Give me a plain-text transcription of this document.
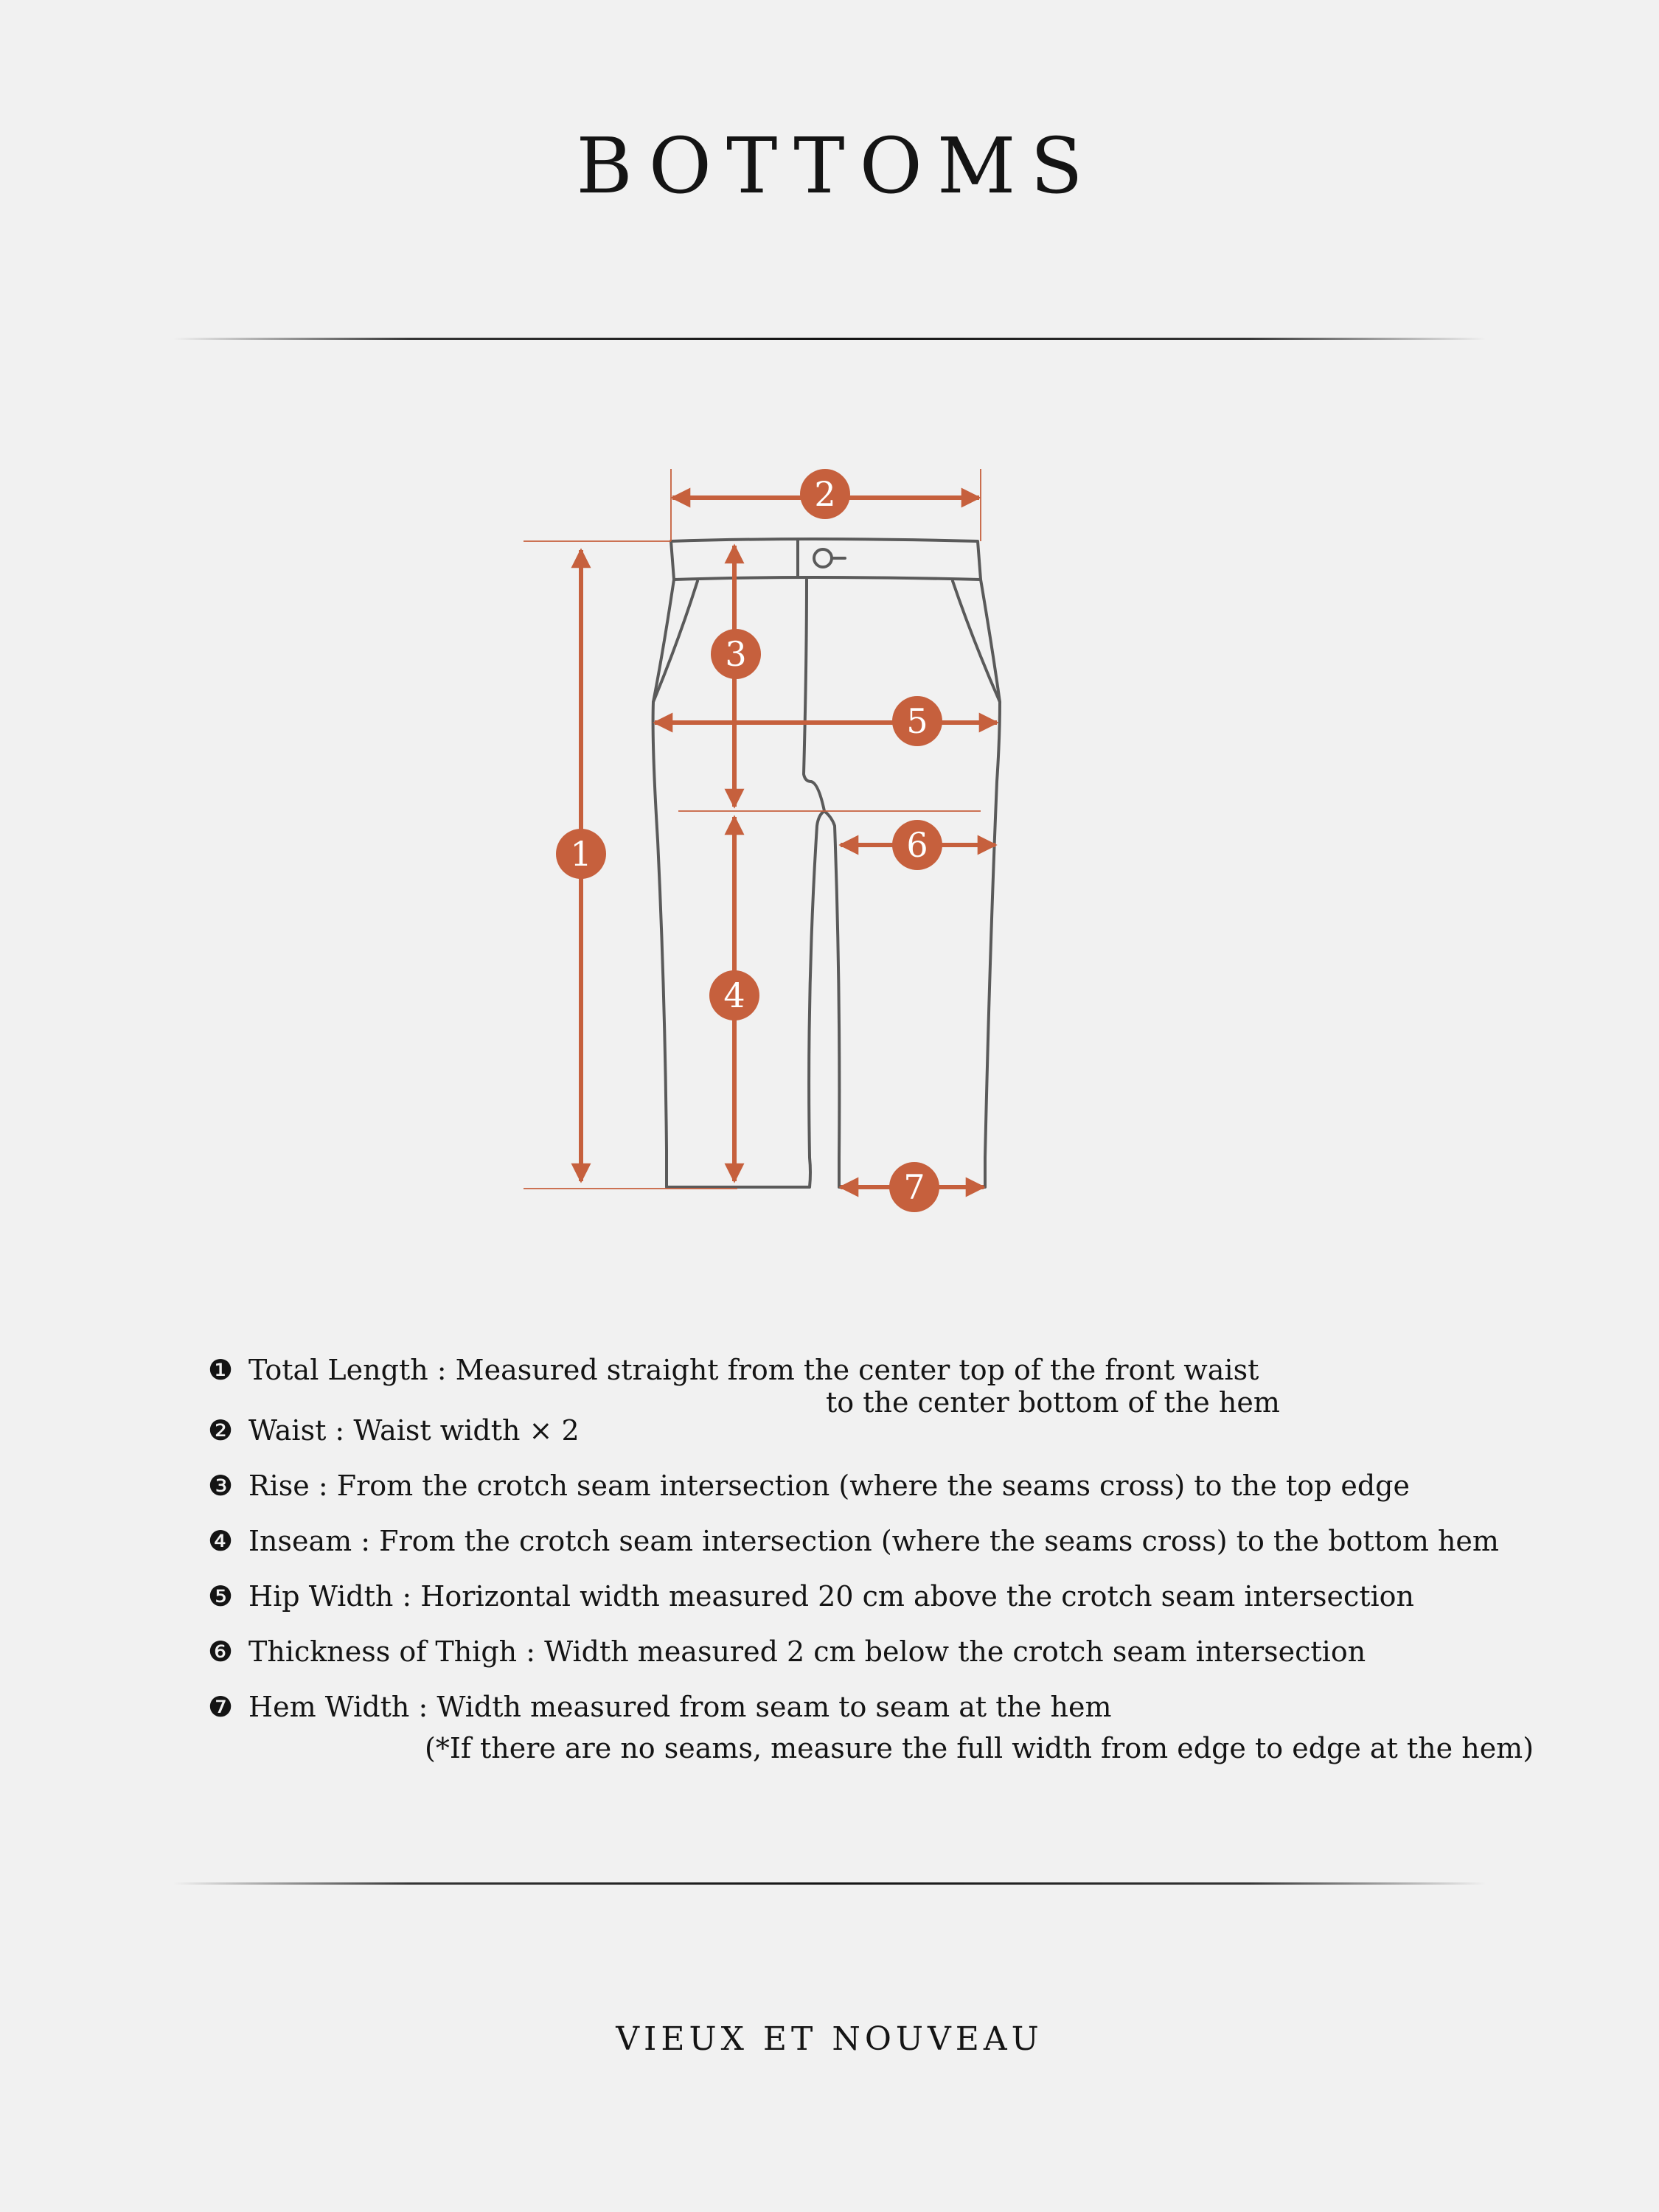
BOTTOMS
1
2
3
4
5
6
7
❶ Total Length : Measured straight from the center top of the front waist
to the center bottom of the hem
❷ Waist : Waist width × 2
❸ Rise : From the crotch seam intersection (where the seams cross) to the top edge
❹ Inseam : From the crotch seam intersection (where the seams cross) to the bottom hem
❺ Hip Width : Horizontal width measured 20 cm above the crotch seam intersection
❻ Thickness of Thigh : Width measured 2 cm below the crotch seam intersection
❼ Hem Width : Width measured from seam to seam at the hem
(*If there are no seams, measure the full width from edge to edge at the hem)
VIEUX ET NOUVEAU
